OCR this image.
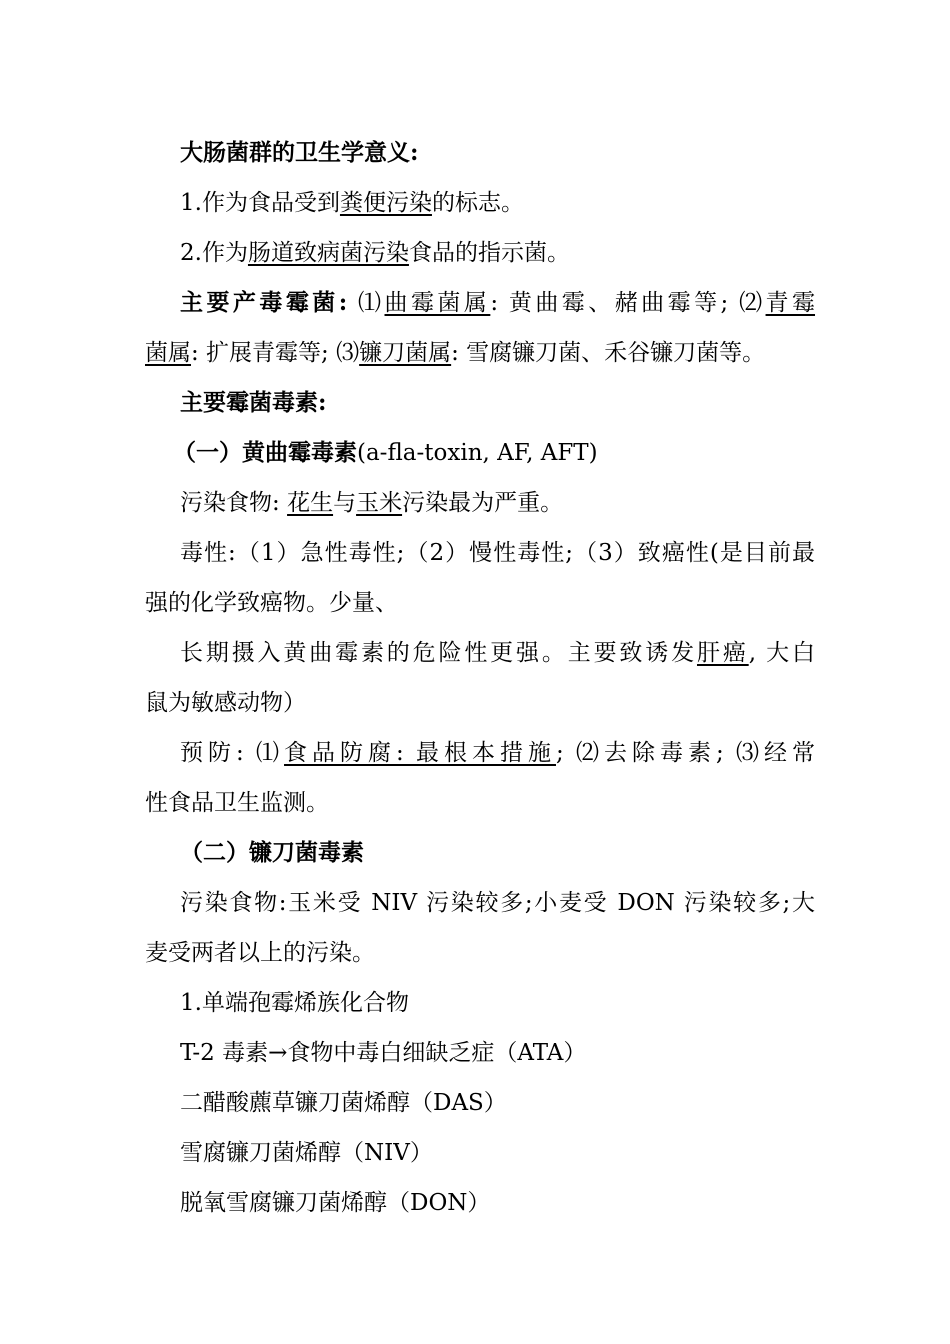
大肠菌群的卫生学意义:

1.作为食品受到粪便污染的标志。

2.作为肠道致病菌污染食品的指示菌。

主要产毒霉菌: ⑴曲霉菌属: 黄曲霉、赭曲霉等; ⑵青霉

菌属: 扩展青霉等; ⑶镰刀菌属: 雪腐镰刀菌、禾谷镰刀菌等。

主要霉菌毒素:

（一）黄曲霉毒素(a-fla-toxin, AF, AFT)

污染食物: 花生与玉米污染最为严重。

毒性:（1）急性毒性;（2）慢性毒性;（3）致癌性(是目前最

强的化学致癌物。少量、

长期摄入黄曲霉素的危险性更强。主要致诱发肝癌, 大白

鼠为敏感动物）

预防: ⑴食品防腐: 最根本措施; ⑵去除毒素; ⑶经常

性食品卫生监测。

（二）镰刀菌毒素

污染食物:玉米受 NIV 污染较多;小麦受 DON 污染较多;大

麦受两者以上的污染。

1.单端孢霉烯族化合物

T-2 毒素→食物中毒白细缺乏症（ATA）

二醋酸藨草镰刀菌烯醇（DAS）

雪腐镰刀菌烯醇（NIV）

脱氧雪腐镰刀菌烯醇（DON）
